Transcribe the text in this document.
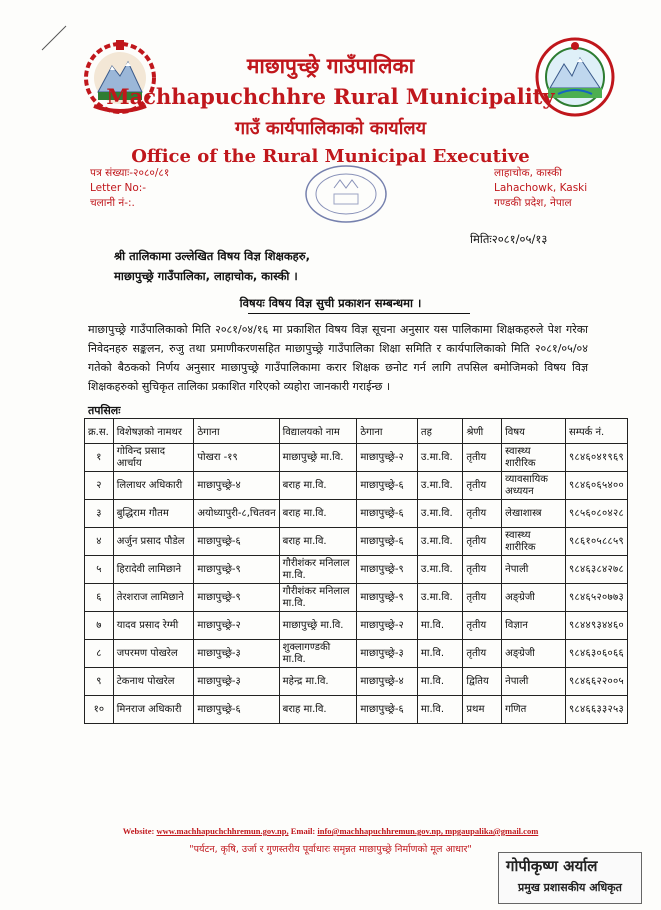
माछापुच्छ्रे गाउँपालिका
Machhapuchchhre Rural Municipality
गाउँ कार्यपालिकाको कार्यालय
Office of the Rural Municipal Executive
पत्र संख्याः-२०८०/८१
Letter No:-
चलानी नं-:.
लाहाचोक, कास्की
Lahachowk, Kaski
गण्डकी प्रदेश, नेपाल
मितिः२०८१/०५/१३
श्री तालिकामा उल्लेखित विषय विज्ञ शिक्षकहरु,
माछापुच्छ्रे गाउँपालिका, लाहाचोक, कास्की ।
विषयः विषय विज्ञ सुची प्रकाशन सम्बन्धमा ।
माछापुच्छ्रे गाउँपालिकाको मिति २०८१/०४/१६ मा प्रकाशित विषय विज्ञ सूचना अनुसार यस पालिकामा शिक्षकहरुले पेश गरेका निवेदनहरु सङ्कलन, रुजु तथा प्रमाणीकरणसहित माछापुच्छ्रे गाउँपालिका शिक्षा समिति र कार्यपालिकाको मिति २०८१/०५/०४ गतेको बैठकको निर्णय अनुसार माछापुच्छ्रे गाउँपालिकामा करार शिक्षक छनोट गर्न लागि तपसिल बमोजिमको विषय विज्ञ शिक्षकहरुको सुचिकृत तालिका प्रकाशित गरिएको व्यहोरा जानकारी गराईन्छ ।
तपसिलः
क्र.स.	विशेषज्ञको नामथर	ठेगाना	विद्यालयको नाम	ठेगाना	तह	श्रेणी	विषय	सम्पर्क नं.
१	गोविन्द प्रसाद आर्चाय	पोखरा -१९	माछापुच्छ्रे मा.वि.	माछापुच्छ्रे-२	उ.मा.वि.	तृतीय	स्वास्थ्य शारीरिक	९८४६०४१९६९
२	लिलाधर अधिकारी	माछापुच्छ्रे-४	बराह मा.वि.	माछापुच्छ्रे-६	उ.मा.वि.	तृतीय	व्यावसायिक अध्ययन	९८४६०६५४००
३	बुद्धिराम गौतम	अयोध्यापुरी-८,चितवन	बराह मा.वि.	माछापुच्छ्रे-६	उ.मा.वि.	तृतीय	लेखाशास्त्र	९८५६०८०४२८
४	अर्जुन प्रसाद पौडेल	माछापुच्छ्रे-६	बराह मा.वि.	माछापुच्छ्रे-६	उ.मा.वि.	तृतीय	स्वास्थ्य शारीरिक	९८६१०५८८५९
५	हिरादेवी लामिछाने	माछापुच्छ्रे-९	गौरीशंकर मनिलाल मा.वि.	माछापुच्छ्रे-९	उ.मा.वि.	तृतीय	नेपाली	९८४६३८४२७८
६	तेरशराज लामिछाने	माछापुच्छ्रे-९	गौरीशंकर मनिलाल मा.वि.	माछापुच्छ्रे-९	उ.मा.वि.	तृतीय	अङ्ग्रेजी	९८४६५२०७७३
७	यादव प्रसाद रेग्मी	माछापुच्छ्रे-२	माछापुच्छ्रे मा.वि.	माछापुच्छ्रे-२	मा.वि.	तृतीय	विज्ञान	९८४४९३४४६०
८	जपरमण पोखरेल	माछापुच्छ्रे-३	शुक्लागण्डकी मा.वि.	माछापुच्छ्रे-३	मा.वि.	तृतीय	अङ्ग्रेजी	९८४६३०६०६६
९	टेकनाथ पोखरेल	माछापुच्छ्रे-३	महेन्द्र मा.वि.	माछापुच्छ्रे-४	मा.वि.	द्वितिय	नेपाली	९८४६६२२००५
१०	मिनराज अधिकारी	माछापुच्छ्रे-६	बराह मा.वि.	माछापुच्छ्रे-६	मा.वि.	प्रथम	गणित	९८४६६३३२५३
Website: www.machhapuchchhremun.gov.np, Email: info@machhapuchhremun.gov.np, mpgaupalika@gmail.com
"पर्यटन, कृषि, उर्जा र गुणस्तरीय पूर्वाधारः समृन्नत माछापुच्छ्रे निर्माणको मूल आधार"
गोपीकृष्ण अर्याल
प्रमुख प्रशासकीय अधिकृत
